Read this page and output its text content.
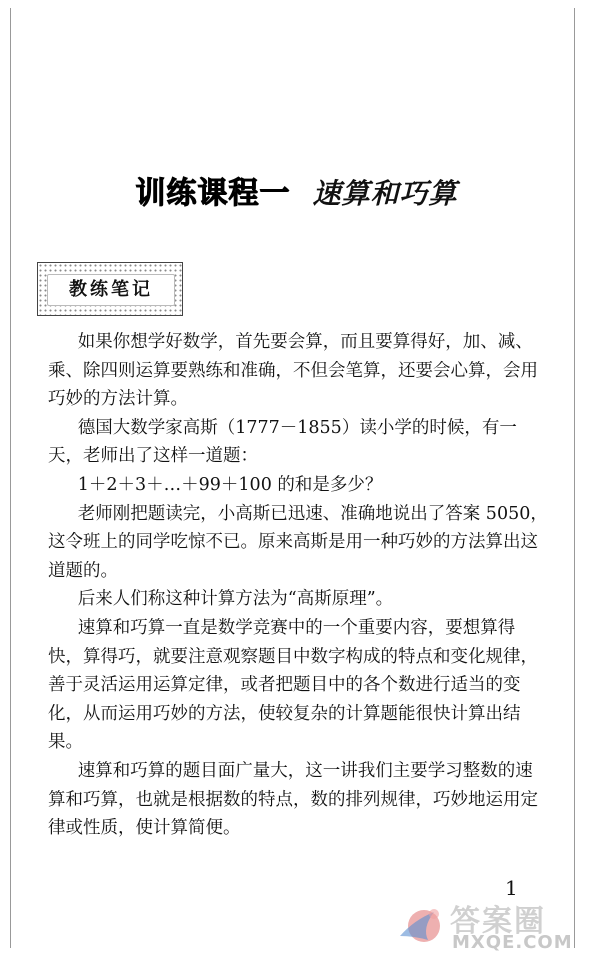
训练课程一 速算和巧算
教练笔记

如果你想学好数学，首先要会算，而且要算得好，加、减、乘、除四则运算要熟练和准确，不但会笔算，还要会心算，会用巧妙的方法计算。

德国大数学家高斯（1777－1855）读小学的时候，有一天，老师出了这样一道题：

1＋2＋3＋…＋99＋100 的和是多少？

老师刚把题读完，小高斯已迅速、准确地说出了答案 5050，这令班上的同学吃惊不已。原来高斯是用一种巧妙的方法算出这道题的。

后来人们称这种计算方法为“高斯原理”。

速算和巧算一直是数学竞赛中的一个重要内容，要想算得快，算得巧，就要注意观察题目中数字构成的特点和变化规律，善于灵活运用运算定律，或者把题目中的各个数进行适当的变化，从而运用巧妙的方法，使较复杂的计算题能很快计算出结果。

速算和巧算的题目面广量大，这一讲我们主要学习整数的速算和巧算，也就是根据数的特点，数的排列规律，巧妙地运用定律或性质，使计算简便。

1
答案圈
MXQE.COM
